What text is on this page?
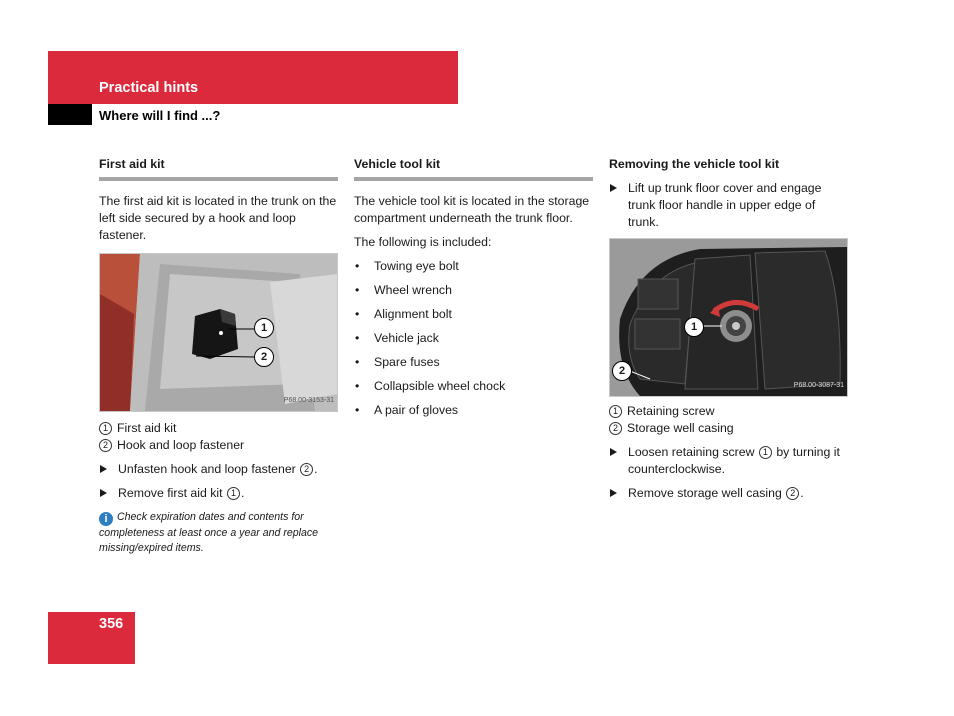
Practical hints
Where will I find ...?
First aid kit

The first aid kit is located in the trunk on the left side secured by a hook and loop fastener.

1
2
P68.00-3153-31
1 First aid kit
2 Hook and loop fastener
Unfasten hook and loop fastener 2 .
Remove first aid kit 1 .
i Check expiration dates and contents for completeness at least once a year and replace missing/expired items.
Vehicle tool kit

The vehicle tool kit is located in the storage compartment underneath the trunk floor.

The following is included:

• Towing eye bolt
• Wheel wrench
• Alignment bolt
• Vehicle jack
• Spare fuses
• Collapsible wheel chock
• A pair of gloves
Removing the vehicle tool kit
Lift up trunk floor cover and engage trunk floor handle in upper edge of trunk.
1
2
P68.00-3087-31
1 Retaining screw
2 Storage well casing
Loosen retaining screw 1 by turning it counterclockwise.
Remove storage well casing 2 .
356
